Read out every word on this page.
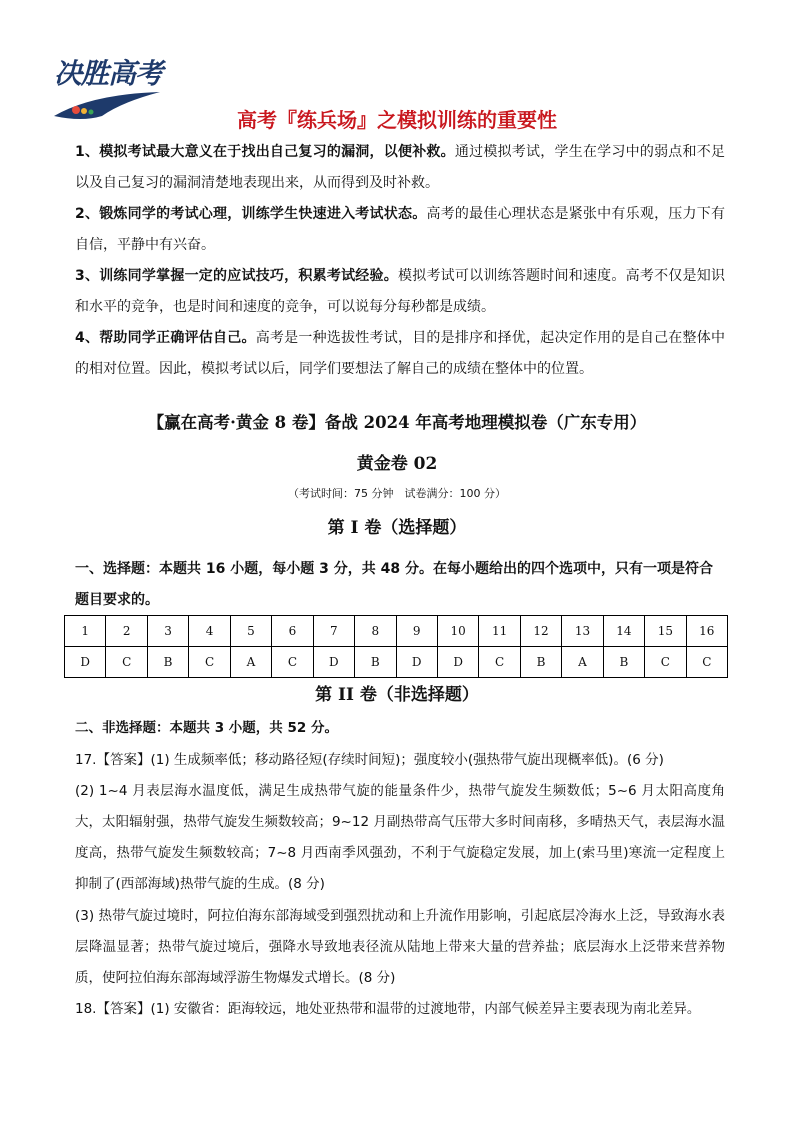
决胜高考
高考『练兵场』之模拟训练的重要性
1、模拟考试最大意义在于找出自己复习的漏洞，以便补救。通过模拟考试，学生在学习中的弱点和不足以及自己复习的漏洞清楚地表现出来，从而得到及时补救。
2、锻炼同学的考试心理，训练学生快速进入考试状态。高考的最佳心理状态是紧张中有乐观，压力下有自信，平静中有兴奋。
3、训练同学掌握一定的应试技巧，积累考试经验。模拟考试可以训练答题时间和速度。高考不仅是知识和水平的竞争，也是时间和速度的竞争，可以说每分每秒都是成绩。
4、帮助同学正确评估自己。高考是一种选拔性考试，目的是排序和择优，起决定作用的是自己在整体中的相对位置。因此，模拟考试以后，同学们要想法了解自己的成绩在整体中的位置。
【赢在高考·黄金 8 卷】备战 2024 年高考地理模拟卷（广东专用）
黄金卷 02
（考试时间：75 分钟　试卷满分：100 分）
第 I 卷（选择题）
一、选择题：本题共 16 小题，每小题 3 分，共 48 分。在每小题给出的四个选项中，只有一项是符合题目要求的。
1	2	3	4	5	6	7	8	9	10	11	12	13	14	15	16
D	C	B	C	A	C	D	B	D	D	C	B	A	B	C	C
第 II 卷（非选择题）
二、非选择题：本题共 3 小题，共 52 分。
17.【答案】(1) 生成频率低；移动路径短(存续时间短)；强度较小(强热带气旋出现概率低)。(6 分)
(2) 1~4 月表层海水温度低，满足生成热带气旋的能量条件少，热带气旋发生频数低；5~6 月太阳高度角大，太阳辐射强，热带气旋发生频数较高；9~12 月副热带高气压带大多时间南移，多晴热天气，表层海水温度高，热带气旋发生频数较高；7~8 月西南季风强劲，不利于气旋稳定发展，加上(索马里)寒流一定程度上抑制了(西部海域)热带气旋的生成。(8 分)
(3) 热带气旋过境时，阿拉伯海东部海域受到强烈扰动和上升流作用影响，引起底层冷海水上泛，导致海水表层降温显著；热带气旋过境后，强降水导致地表径流从陆地上带来大量的营养盐；底层海水上泛带来营养物质，使阿拉伯海东部海域浮游生物爆发式增长。(8 分)
18.【答案】(1) 安徽省：距海较远，地处亚热带和温带的过渡地带，内部气候差异主要表现为南北差异。
